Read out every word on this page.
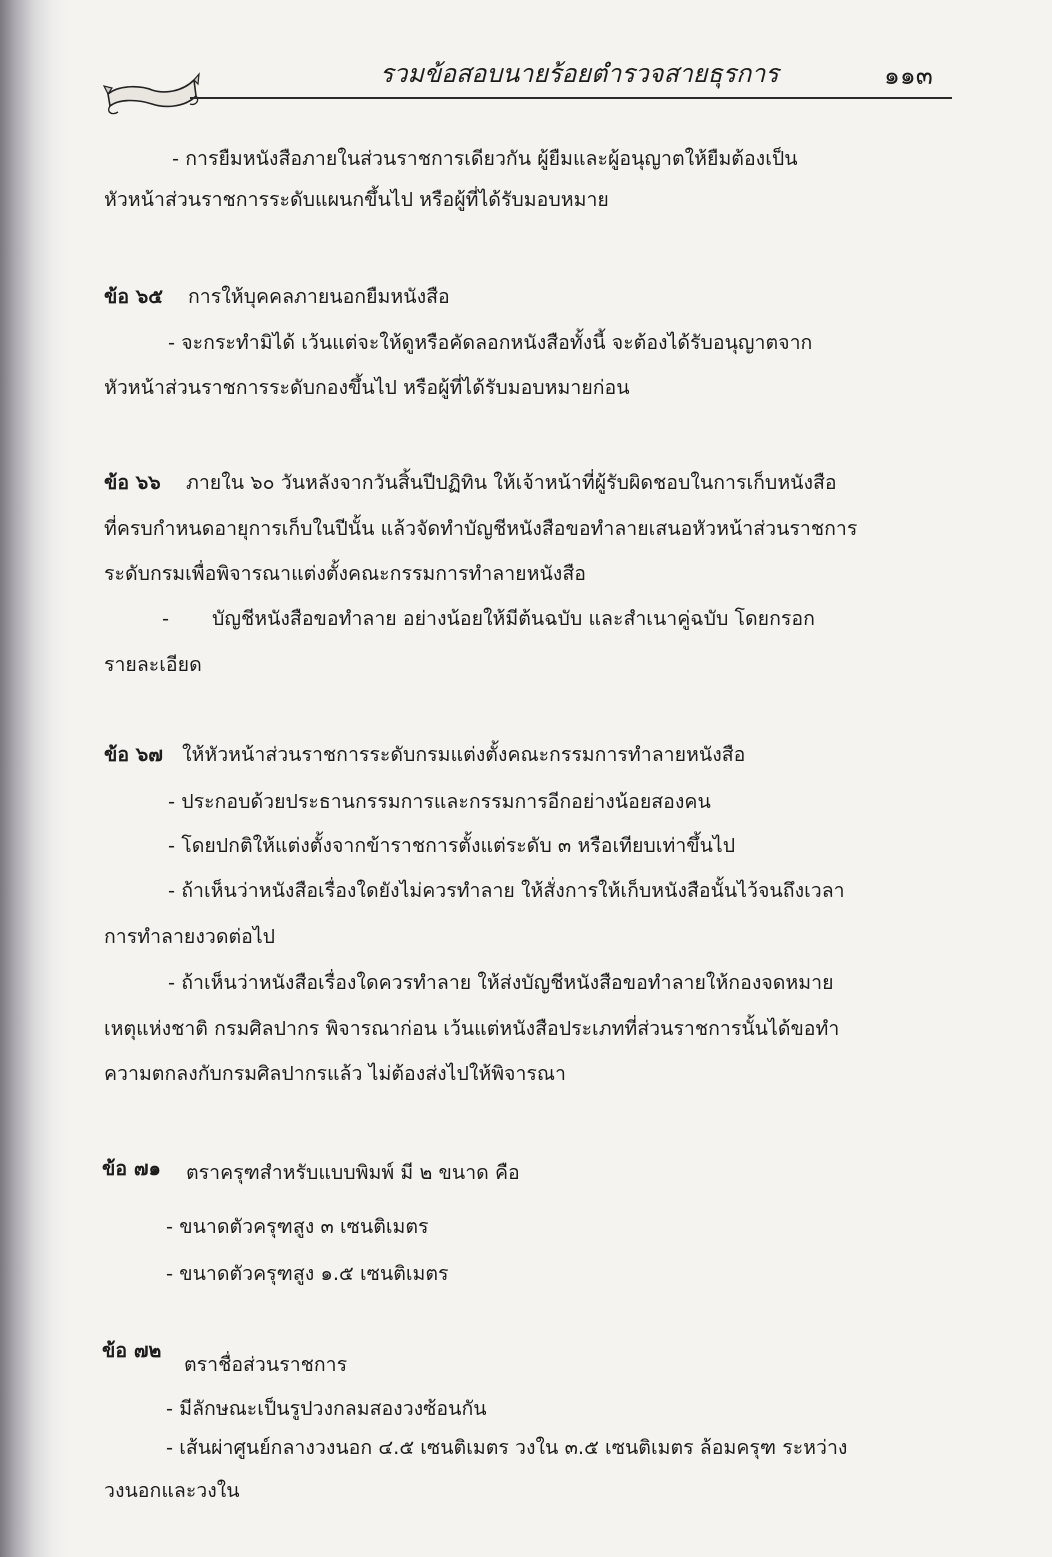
รวมข้อสอบนายร้อยตำรวจสายธุรการ	๑๑๓
- การยืมหนังสือภายในส่วนราชการเดียวกัน ผู้ยืมและผู้อนุญาตให้ยืมต้องเป็น
หัวหน้าส่วนราชการระดับแผนกขึ้นไป หรือผู้ที่ได้รับมอบหมาย
ข้อ ๖๕ การให้บุคคลภายนอกยืมหนังสือ
- จะกระทำมิได้ เว้นแต่จะให้ดูหรือคัดลอกหนังสือทั้งนี้ จะต้องได้รับอนุญาตจาก
หัวหน้าส่วนราชการระดับกองขึ้นไป หรือผู้ที่ได้รับมอบหมายก่อน
ข้อ ๖๖ ภายใน ๖๐ วันหลังจากวันสิ้นปีปฏิทิน ให้เจ้าหน้าที่ผู้รับผิดชอบในการเก็บหนังสือ
ที่ครบกำหนดอายุการเก็บในปีนั้น แล้วจัดทำบัญชีหนังสือขอทำลายเสนอหัวหน้าส่วนราชการ
ระดับกรมเพื่อพิจารณาแต่งตั้งคณะกรรมการทำลายหนังสือ
- บัญชีหนังสือขอทำลาย อย่างน้อยให้มีต้นฉบับ และสำเนาคู่ฉบับ โดยกรอก
รายละเอียด
ข้อ ๖๗ ให้หัวหน้าส่วนราชการระดับกรมแต่งตั้งคณะกรรมการทำลายหนังสือ
- ประกอบด้วยประธานกรรมการและกรรมการอีกอย่างน้อยสองคน
- โดยปกติให้แต่งตั้งจากข้าราชการตั้งแต่ระดับ ๓ หรือเทียบเท่าขึ้นไป
- ถ้าเห็นว่าหนังสือเรื่องใดยังไม่ควรทำลาย ให้สั่งการให้เก็บหนังสือนั้นไว้จนถึงเวลา
การทำลายงวดต่อไป
- ถ้าเห็นว่าหนังสือเรื่องใดควรทำลาย ให้ส่งบัญชีหนังสือขอทำลายให้กองจดหมาย
เหตุแห่งชาติ กรมศิลปากร พิจารณาก่อน เว้นแต่หนังสือประเภทที่ส่วนราชการนั้นได้ขอทำ
ความตกลงกับกรมศิลปากรแล้ว ไม่ต้องส่งไปให้พิจารณา
ข้อ ๗๑ ตราครุฑสำหรับแบบพิมพ์ มี ๒ ขนาด คือ
- ขนาดตัวครุฑสูง ๓ เซนติเมตร
- ขนาดตัวครุฑสูง ๑.๕ เซนติเมตร
ข้อ ๗๒
ตราชื่อส่วนราชการ
- มีลักษณะเป็นรูปวงกลมสองวงซ้อนกัน
- เส้นผ่าศูนย์กลางวงนอก ๔.๕ เซนติเมตร วงใน ๓.๕ เซนติเมตร ล้อมครุฑ ระหว่าง
วงนอกและวงใน
